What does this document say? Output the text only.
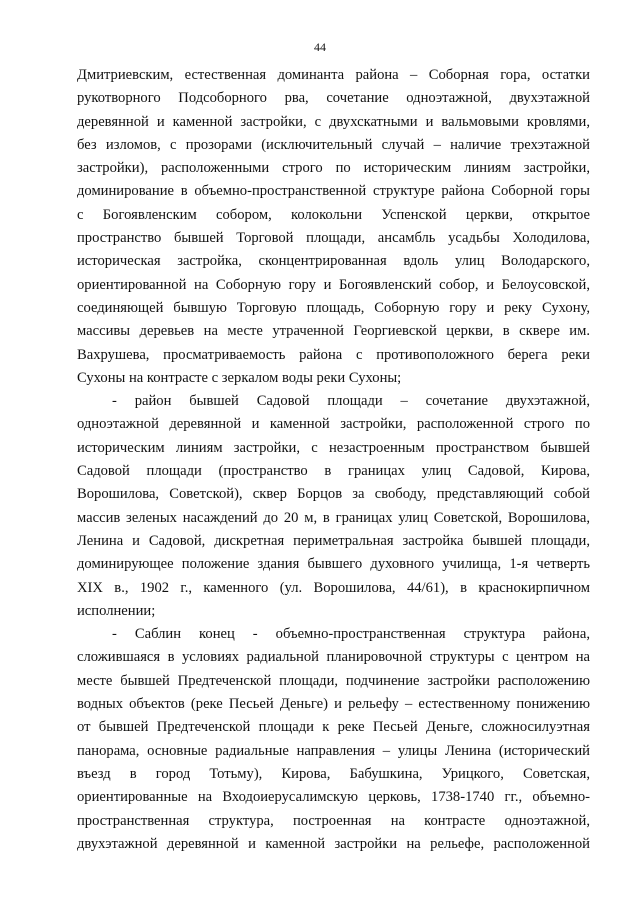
44
Дмитриевским, естественная доминанта района – Соборная гора, остатки
рукотворного Подсоборного рва, сочетание одноэтажной, двухэтажной
деревянной и каменной застройки, с двухскатными и вальмовыми кровлями,
без изломов, с прозорами (исключительный случай – наличие трехэтажной
застройки), расположенными строго по историческим линиям застройки,
доминирование в объемно-пространственной структуре района Соборной горы
с Богоявленским собором, колокольни Успенской церкви, открытое
пространство бывшей Торговой площади, ансамбль усадьбы Холодилова,
историческая застройка, сконцентрированная вдоль улиц Володарского,
ориентированной на Соборную гору и Богоявленский собор, и Белоусовской,
соединяющей бывшую Торговую площадь, Соборную гору и реку Сухону,
массивы деревьев на месте утраченной Георгиевской церкви, в сквере им.
Вахрушева, просматриваемость района с противоположного берега реки
Сухоны на контрасте с зеркалом воды реки Сухоны;
- район бывшей Садовой площади – сочетание двухэтажной,
одноэтажной деревянной и каменной застройки, расположенной строго по
историческим линиям застройки, с незастроенным пространством бывшей
Садовой площади (пространство в границах улиц Садовой, Кирова,
Ворошилова, Советской), сквер Борцов за свободу, представляющий собой
массив зеленых насаждений до 20 м, в границах улиц Советской, Ворошилова,
Ленина и Садовой, дискретная периметральная застройка бывшей площади,
доминирующее положение здания бывшего духовного училища, 1-я четверть
XIX в., 1902 г., каменного (ул. Ворошилова, 44/61), в краснокирпичном
исполнении;
- Саблин конец - объемно-пространственная структура района,
сложившаяся в условиях радиальной планировочной структуры с центром на
месте бывшей Предтеченской площади, подчинение застройки расположению
водных объектов (реке Песьей Деньге) и рельефу – естественному понижению
от бывшей Предтеченской площади к реке Песьей Деньге, сложносилуэтная
панорама, основные радиальные направления – улицы Ленина (исторический
въезд в город Тотьму), Кирова, Бабушкина, Урицкого, Советская,
ориентированные на Входоиерусалимскую церковь, 1738-1740 гг., объемно-
пространственная структура, построенная на контрасте одноэтажной,
двухэтажной деревянной и каменной застройки на рельефе, расположенной
